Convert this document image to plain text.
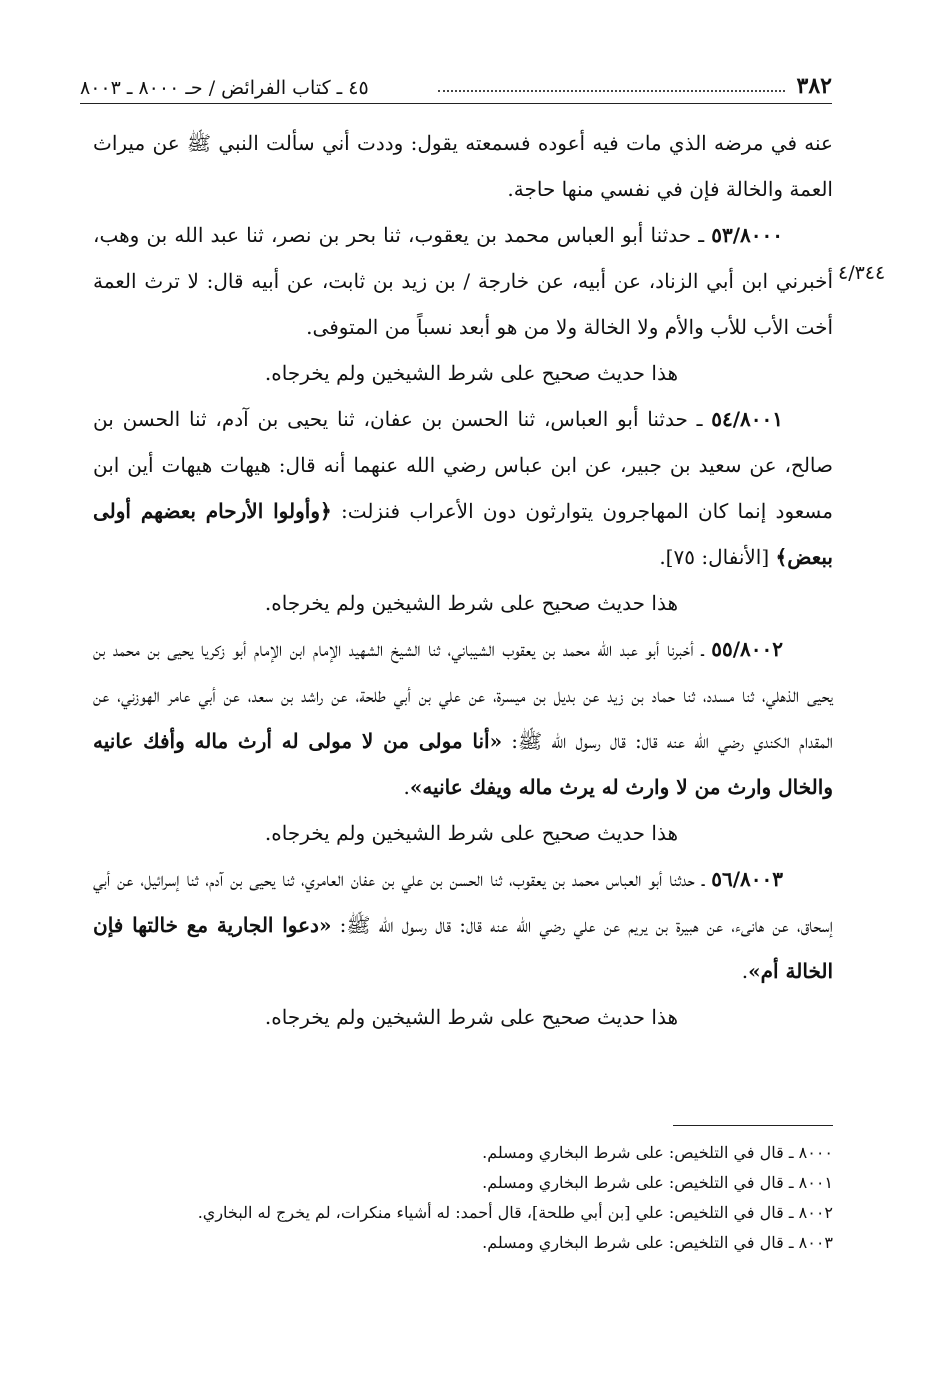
٣٨٢
٤٥ ـ كتاب الفرائض / حـ ٨٠٠٠ ـ ٨٠٠٣
٤/٣٤٤

عنه في مرضه الذي مات فيه أعوده فسمعته يقول: وددت أني سألت النبي ﷺ عن ميراث العمة والخالة فإن في نفسي منها حاجة.

٥٣/٨٠٠٠ ـ حدثنا أبو العباس محمد بن يعقوب، ثنا بحر بن نصر، ثنا عبد الله بن وهب، أخبرني ابن أبي الزناد، عن أبيه، عن خارجة / بن زيد بن ثابت، عن أبيه قال: لا ترث العمة أخت الأب للأب والأم ولا الخالة ولا من هو أبعد نسباً من المتوفى.

هذا حديث صحيح على شرط الشيخين ولم يخرجاه.

٥٤/٨٠٠١ ـ حدثنا أبو العباس، ثنا الحسن بن عفان، ثنا يحيى بن آدم، ثنا الحسن بن صالح، عن سعيد بن جبير، عن ابن عباس رضي الله عنهما أنه قال: هيهات هيهات أين ابن مسعود إنما كان المهاجرون يتوارثون دون الأعراب فنزلت: ﴿وأولوا الأرحام بعضهم أولى ببعض﴾ [الأنفال: ٧٥].

هذا حديث صحيح على شرط الشيخين ولم يخرجاه.

٥٥/٨٠٠٢ ـ أخبرنا أبو عبد الله محمد بن يعقوب الشيباني، ثنا الشيخ الشهيد الإمام ابن الإمام أبو زكريا يحيى بن محمد بن يحيى الذهلي، ثنا مسدد، ثنا حماد بن زيد عن بديل بن ميسرة، عن علي بن أبي طلحة، عن راشد بن سعد، عن أبي عامر الهوزني، عن المقدام الكندي رضي الله عنه قال: قال رسول الله ﷺ: «أنا مولى من لا مولى له أرث ماله وأفك عانيه والخال وارث من لا وارث له يرث ماله ويفك عانيه».

هذا حديث صحيح على شرط الشيخين ولم يخرجاه.

٥٦/٨٠٠٣ ـ حدثنا أبو العباس محمد بن يعقوب، ثنا الحسن بن علي بن عفان العامري، ثنا يحيى بن آدم، ثنا إسرائيل، عن أبي إسحاق، عن هانىء، عن هبيرة بن يريم عن علي رضي الله عنه قال: قال رسول الله ﷺ: «دعوا الجارية مع خالتها فإن الخالة أم».

هذا حديث صحيح على شرط الشيخين ولم يخرجاه.

٨٠٠٠ ـ قال في التلخيص: على شرط البخاري ومسلم.

٨٠٠١ ـ قال في التلخيص: على شرط البخاري ومسلم.

٨٠٠٢ ـ قال في التلخيص: علي [بن أبي طلحة]، قال أحمد: له أشياء منكرات، لم يخرج له البخاري.

٨٠٠٣ ـ قال في التلخيص: على شرط البخاري ومسلم.
